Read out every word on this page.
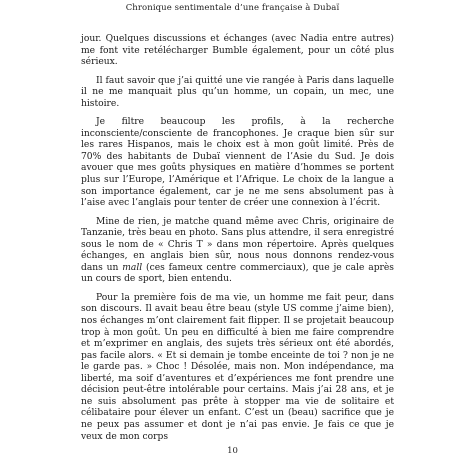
Chronique sentimentale d’une française à Dubaï

jour. Quelques discussions et échanges (avec Nadia entre autres) me font vite retélécharger Bumble également, pour un côté plus sérieux.

Il faut savoir que j’ai quitté une vie rangée à Paris dans laquelle il ne me manquait plus qu’un homme, un copain, un mec, une histoire.

Je filtre beaucoup les profils, à la recherche inconsciente/consciente de francophones. Je craque bien sûr sur les rares Hispanos, mais le choix est à mon goût limité. Près de 70% des habitants de Dubaï viennent de l’Asie du Sud. Je dois avouer que mes goûts physiques en matière d’hommes se portent plus sur l’Europe, l’Amérique et l’Afrique. Le choix de la langue a son importance également, car je ne me sens absolument pas à l’aise avec l’anglais pour tenter de créer une connexion à l’écrit.

Mine de rien, je matche quand même avec Chris, originaire de Tanzanie, très beau en photo. Sans plus attendre, il sera enregistré sous le nom de « Chris T » dans mon répertoire. Après quelques échanges, en anglais bien sûr, nous nous donnons rendez-vous dans un mall (ces fameux centre commerciaux), que je cale après un cours de sport, bien entendu.

Pour la première fois de ma vie, un homme me fait peur, dans son discours. Il avait beau être beau (style US comme j’aime bien), nos échanges m’ont clairement fait flipper. Il se projetait beaucoup trop à mon goût. Un peu en difficulté à bien me faire comprendre et m’exprimer en anglais, des sujets très sérieux ont été abordés, pas facile alors. « Et si demain je tombe enceinte de toi ? non je ne le garde pas. » Choc ! Désolée, mais non. Mon indépendance, ma liberté, ma soif d’aventures et d’expériences me font prendre une décision peut-être intolérable pour certains. Mais j’ai 28 ans, et je ne suis absolument pas prête à stopper ma vie de solitaire et célibataire pour élever un enfant. C’est un (beau) sacrifice que je ne peux pas assumer et dont je n’ai pas envie. Je fais ce que je veux de mon corps

10
